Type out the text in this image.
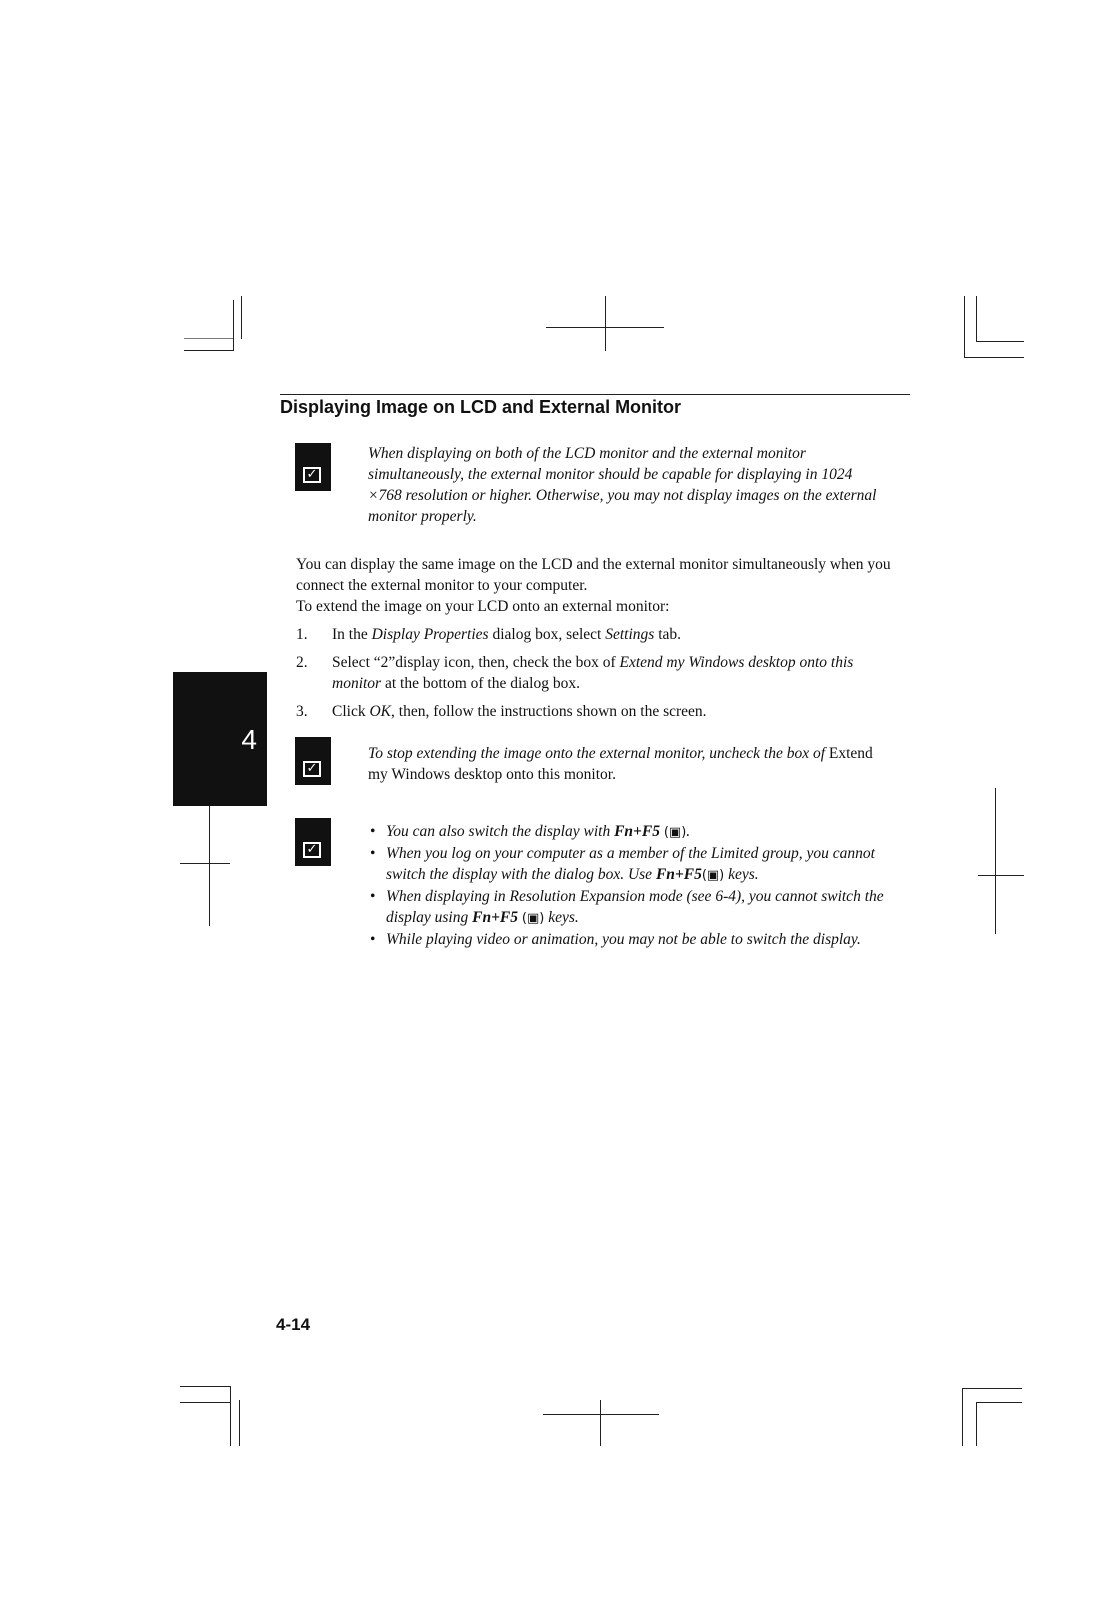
4
Displaying Image on LCD and External Monitor
✓
When displaying on both of the LCD monitor and the external monitor simultaneously, the external monitor should be capable for displaying in 1024 ×768 resolution or higher. Otherwise, you may not display images on the external monitor properly.
You can display the same image on the LCD and the external monitor simultaneously when you connect the external monitor to your computer.
To extend the image on your LCD onto an external monitor:
1. In the Display Properties dialog box, select Settings tab.
2. Select “2”display icon, then, check the box of Extend my Windows desktop onto this monitor at the bottom of the dialog box.
3. Click OK, then, follow the instructions shown on the screen.
✓
To stop extending the image onto the external monitor, uncheck the box of Extend my Windows desktop onto this monitor.
✓
• You can also switch the display with Fn+F5 (▣).
• When you log on your computer as a member of the Limited group, you cannot switch the display with the dialog box. Use Fn+F5(▣) keys.
• When displaying in Resolution Expansion mode (see 6-4), you cannot switch the display using Fn+F5 (▣) keys.
• While playing video or animation, you may not be able to switch the display.
4-14
